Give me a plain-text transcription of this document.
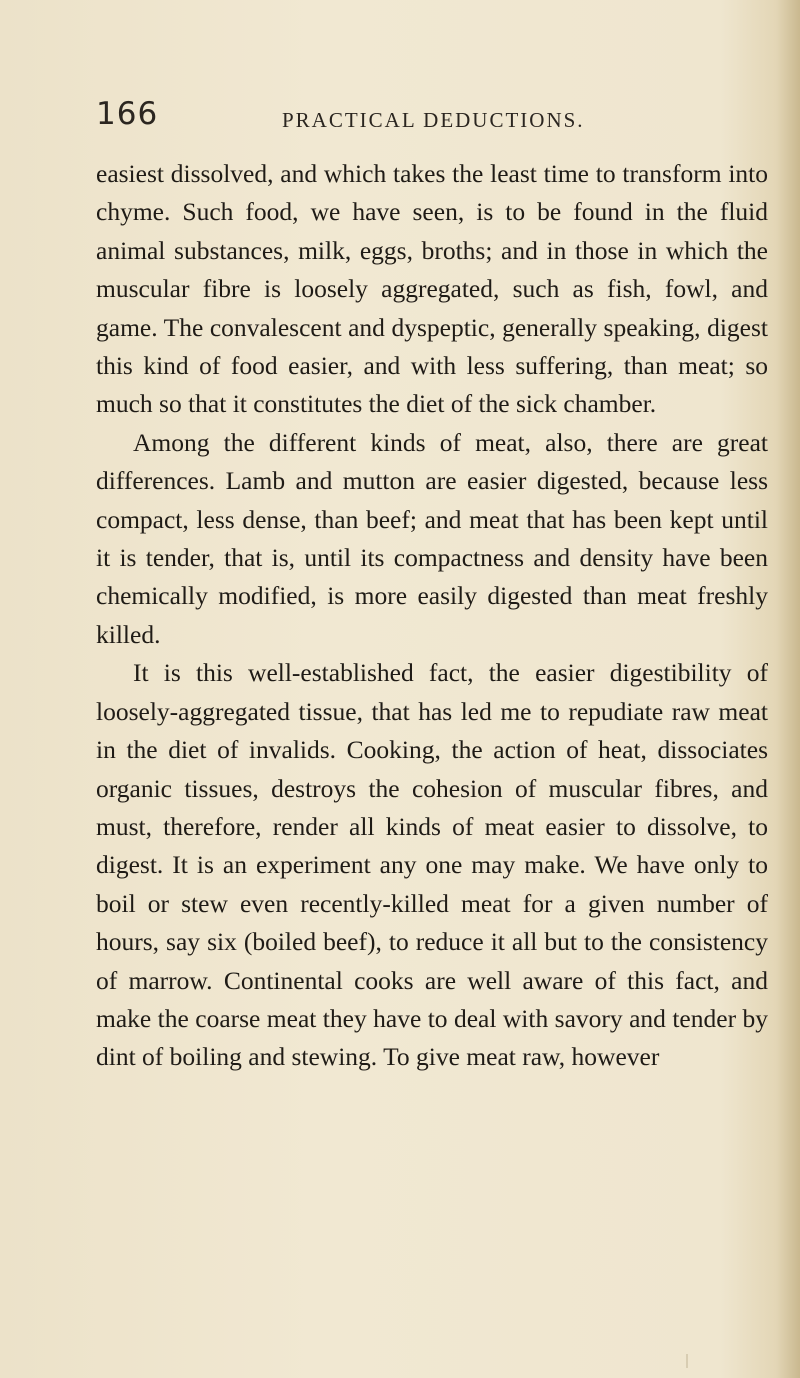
166	PRACTICAL DEDUCTIONS.

easiest dissolved, and which takes the least time to transform into chyme. Such food, we have seen, is to be found in the fluid animal substances, milk, eggs, broths; and in those in which the muscular fibre is loosely aggregated, such as fish, fowl, and game. The convalescent and dyspeptic, generally speaking, digest this kind of food easier, and with less suffering, than meat; so much so that it constitutes the diet of the sick chamber.

Among the different kinds of meat, also, there are great differences. Lamb and mutton are easier digested, because less compact, less dense, than beef; and meat that has been kept until it is tender, that is, until its compactness and density have been chemically modified, is more easily digested than meat freshly killed.

It is this well-established fact, the easier digestibility of loosely-aggregated tissue, that has led me to repudiate raw meat in the diet of invalids. Cooking, the action of heat, dissociates organic tissues, destroys the cohesion of muscular fibres, and must, therefore, render all kinds of meat easier to dissolve, to digest. It is an experiment any one may make. We have only to boil or stew even recently-killed meat for a given number of hours, say six (boiled beef), to reduce it all but to the consistency of marrow. Continental cooks are well aware of this fact, and make the coarse meat they have to deal with savory and tender by dint of boiling and stewing. To give meat raw, however
